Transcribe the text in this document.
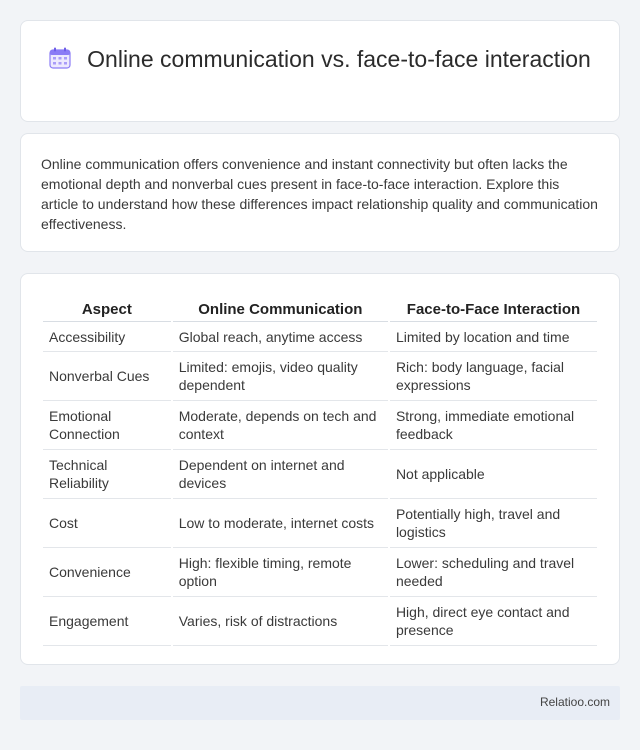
Online communication vs. face-to-face interaction

Online communication offers convenience and instant connectivity but often lacks the emotional depth and nonverbal cues present in face-to-face interaction. Explore this article to understand how these differences impact relationship quality and communication effectiveness.

Aspect	Online Communication	Face-to-Face Interaction
Accessibility	Global reach, anytime access	Limited by location and time
Nonverbal Cues	Limited: emojis, video quality dependent	Rich: body language, facial expressions
Emotional Connection	Moderate, depends on tech and context	Strong, immediate emotional feedback
Technical Reliability	Dependent on internet and devices	Not applicable
Cost	Low to moderate, internet costs	Potentially high, travel and logistics
Convenience	High: flexible timing, remote option	Lower: scheduling and travel needed
Engagement	Varies, risk of distractions	High, direct eye contact and presence
Relatioo.com
